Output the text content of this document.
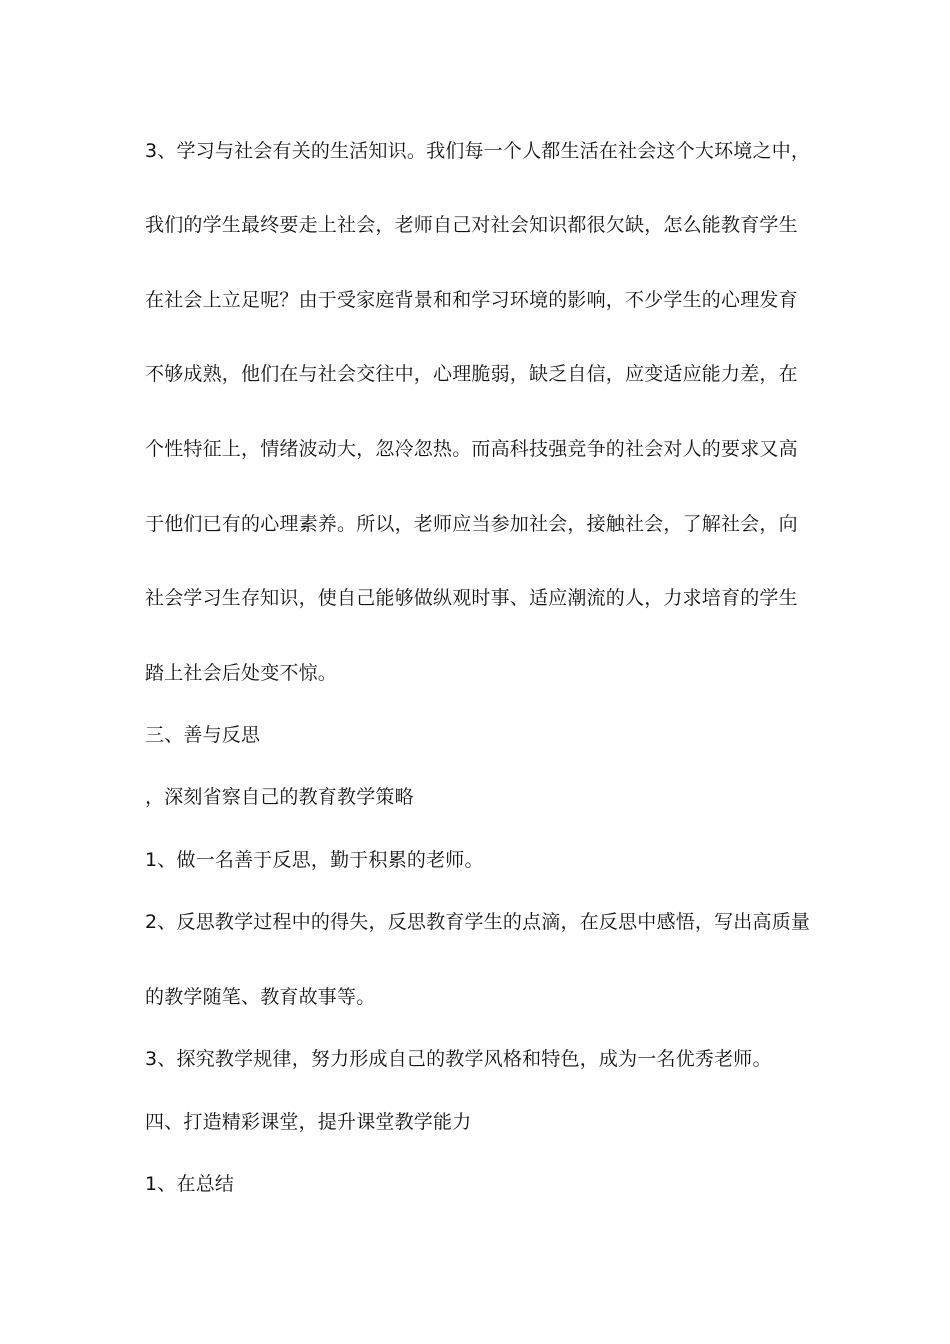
3、学习与社会有关的生活知识。我们每一个人都生活在社会这个大环境之中，
我们的学生最终要走上社会，老师自己对社会知识都很欠缺，怎么能教育学生
在社会上立足呢？由于受家庭背景和和学习环境的影响，不少学生的心理发育
不够成熟，他们在与社会交往中，心理脆弱，缺乏自信，应变适应能力差，在
个性特征上，情绪波动大，忽冷忽热。而高科技强竞争的社会对人的要求又高
于他们已有的心理素养。所以，老师应当参加社会，接触社会，了解社会，向
社会学习生存知识，使自己能够做纵观时事、适应潮流的人，力求培育的学生
踏上社会后处变不惊。
三、善与反思
，深刻省察自己的教育教学策略
1、做一名善于反思，勤于积累的老师。
2、反思教学过程中的得失，反思教育学生的点滴，在反思中感悟，写出高质量
的教学随笔、教育故事等。
3、探究教学规律，努力形成自己的教学风格和特色，成为一名优秀老师。
四、打造精彩课堂，提升课堂教学能力
1、在总结
